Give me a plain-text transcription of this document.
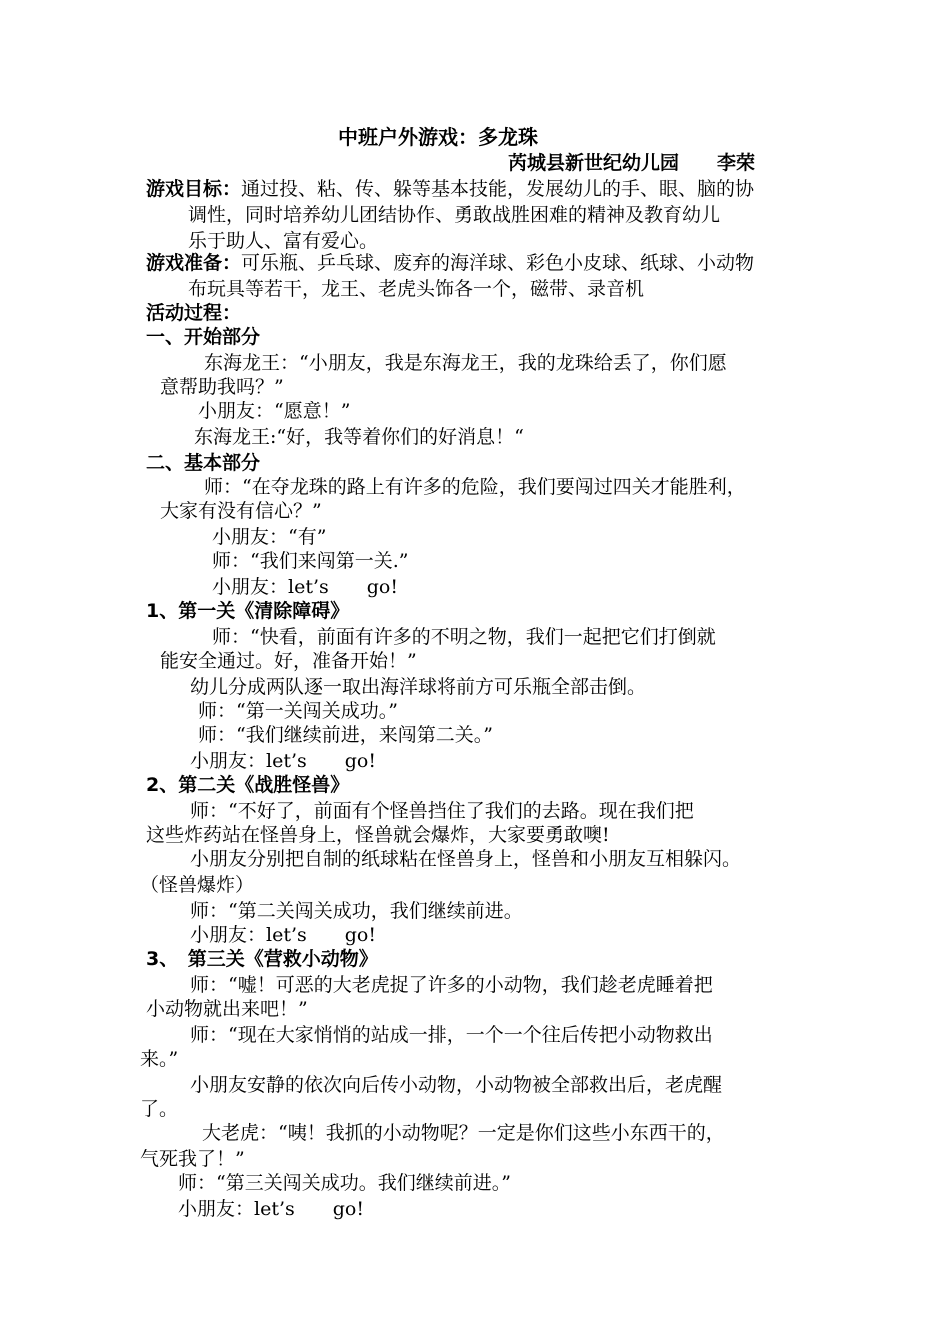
中班户外游戏：多龙珠
芮城县新世纪幼儿园　　李荣
游戏目标：通过投、粘、传、躲等基本技能，发展幼儿的手、眼、脑的协
调性，同时培养幼儿团结协作、勇敢战胜困难的精神及教育幼儿
乐于助人、富有爱心。
游戏准备：可乐瓶、乒乓球、废弃的海洋球、彩色小皮球、纸球、小动物
布玩具等若干，龙王、老虎头饰各一个，磁带、录音机
活动过程：
一、开始部分
东海龙王：“小朋友，我是东海龙王，我的龙珠给丢了，你们愿
意帮助我吗？”
小朋友：“愿意！”
东海龙王:“好，我等着你们的好消息！“
二、基本部分
师：“在夺龙珠的路上有许多的危险，我们要闯过四关才能胜利，
大家有没有信心？”
小朋友：“有”
师：“我们来闯第一关.”
小朋友：let’s　　go!
1、第一关《清除障碍》
师：“快看，前面有许多的不明之物，我们一起把它们打倒就
能安全通过。好，准备开始！”
幼儿分成两队逐一取出海洋球将前方可乐瓶全部击倒。
师：“第一关闯关成功。”
师：“我们继续前进，来闯第二关。”
小朋友：let’s　　go!
2、第二关《战胜怪兽》
师：“不好了，前面有个怪兽挡住了我们的去路。现在我们把
这些炸药站在怪兽身上，怪兽就会爆炸，大家要勇敢噢!
小朋友分别把自制的纸球粘在怪兽身上，怪兽和小朋友互相躲闪。
（怪兽爆炸）
师：“第二关闯关成功，我们继续前进。
小朋友：let’s　　go!
3、　第三关《营救小动物》
师：“嘘！可恶的大老虎捉了许多的小动物，我们趁老虎睡着把
小动物就出来吧！”
师：“现在大家悄悄的站成一排，一个一个往后传把小动物救出
来。”
小朋友安静的依次向后传小动物，小动物被全部救出后，老虎醒
了。
大老虎：“咦！我抓的小动物呢？一定是你们这些小东西干的，
气死我了！”
师：“第三关闯关成功。我们继续前进。”
小朋友：let’s　　go!
